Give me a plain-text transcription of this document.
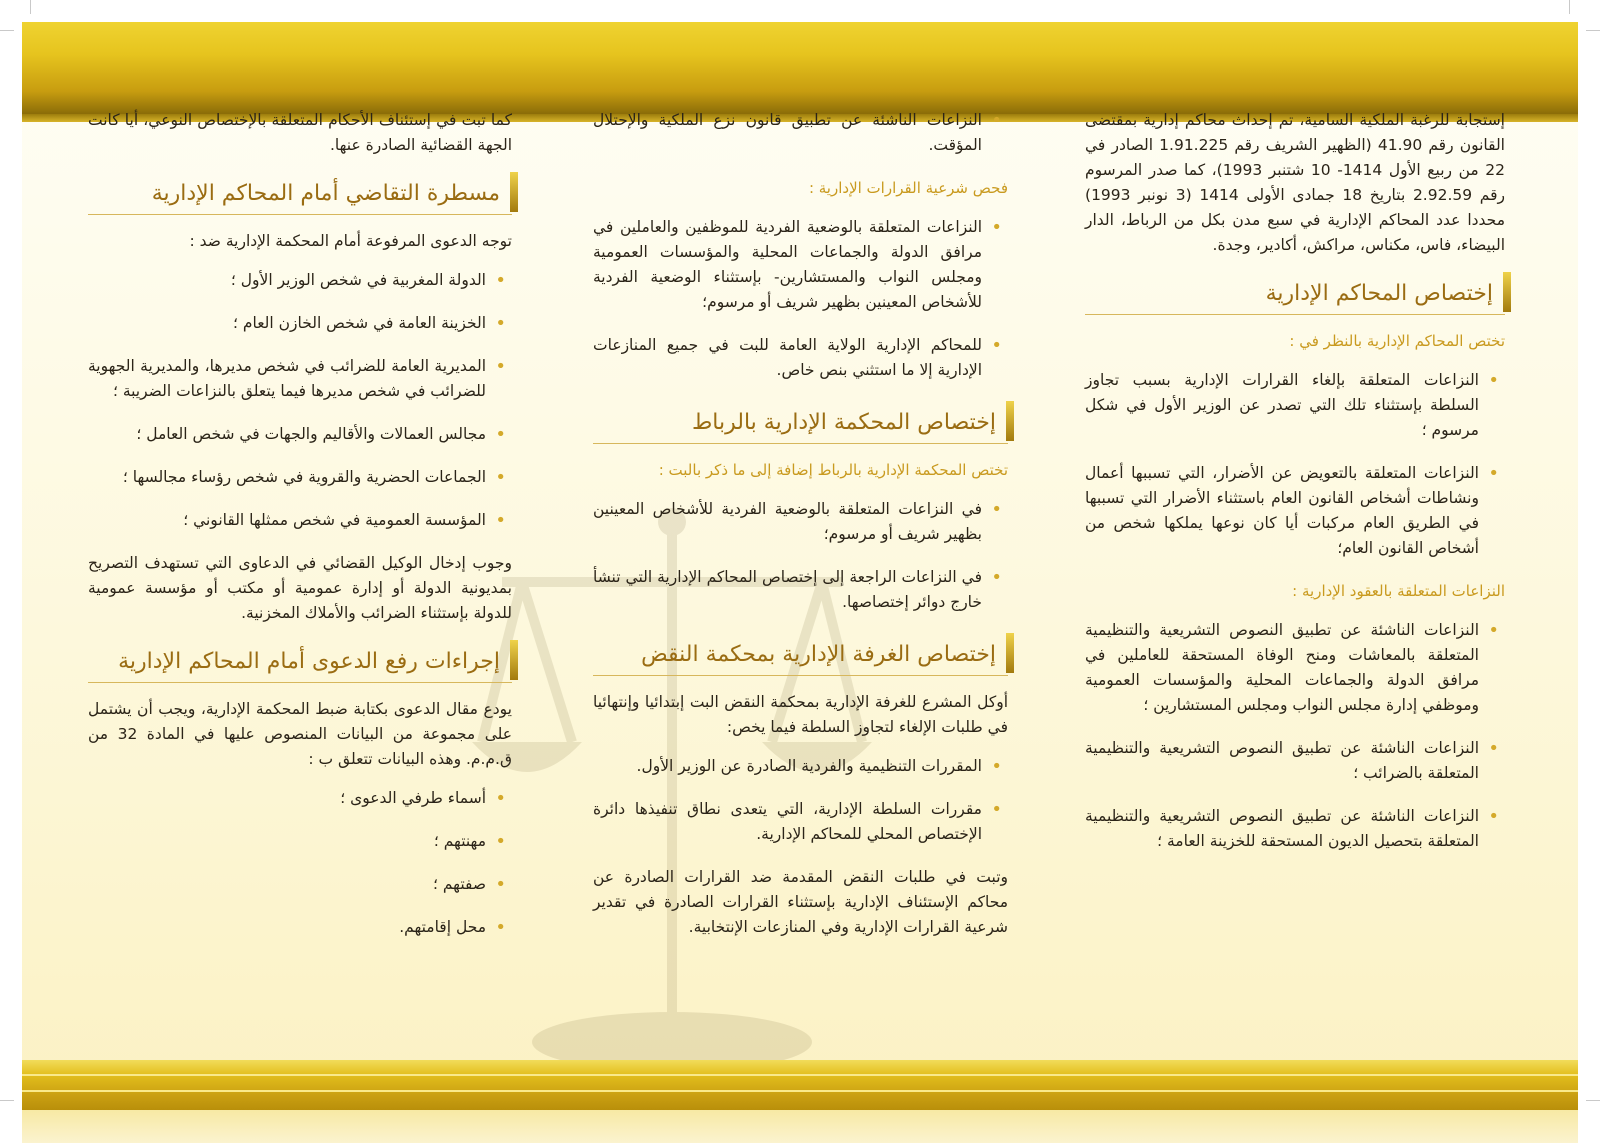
إستجابة للرغبة الملكية السامية، تم إحداث محاكم إدارية بمقتضى القانون رقم 41.90 (الظهير الشريف رقم 1.91.225 الصادر في 22 من ربيع الأول 1414- 10 شتنبر 1993)، كما صدر المرسوم رقم 2.92.59 بتاريخ 18 جمادى الأولى 1414 (3 نونبر 1993) محددا عدد المحاكم الإدارية في سبع مدن بكل من الرباط، الدار البيضاء، فاس، مكناس، مراكش، أكادير، وجدة.

إختصاص المحاكم الإدارية
تختص المحاكم الإدارية بالنظر في :
• النزاعات المتعلقة بإلغاء القرارات الإدارية بسبب تجاوز السلطة بإستثناء تلك التي تصدر عن الوزير الأول في شكل مرسوم ؛
• النزاعات المتعلقة بالتعويض عن الأضرار، التي تسببها أعمال ونشاطات أشخاص القانون العام باستثناء الأضرار التي تسببها في الطريق العام مركبات أيا كان نوعها يملكها شخص من أشخاص القانون العام؛
النزاعات المتعلقة بالعقود الإدارية :
• النزاعات الناشئة عن تطبيق النصوص التشريعية والتنظيمية المتعلقة بالمعاشات ومنح الوفاة المستحقة للعاملين في مرافق الدولة والجماعات المحلية والمؤسسات العمومية وموظفي إدارة مجلس النواب ومجلس المستشارين ؛
• النزاعات الناشئة عن تطبيق النصوص التشريعية والتنظيمية المتعلقة بالضرائب ؛
• النزاعات الناشئة عن تطبيق النصوص التشريعية والتنظيمية المتعلقة بتحصيل الديون المستحقة للخزينة العامة ؛
• النزاعات الناشئة عن تطبيق قانون نزع الملكية والإحتلال المؤقت.
فحص شرعية القرارات الإدارية :
• النزاعات المتعلقة بالوضعية الفردية للموظفين والعاملين في مرافق الدولة والجماعات المحلية والمؤسسات العمومية ومجلس النواب والمستشارين- بإستثناء الوضعية الفردية للأشخاص المعينين بظهير شريف أو مرسوم؛
• للمحاكم الإدارية الولاية العامة للبت في جميع المنازعات الإدارية إلا ما استثني بنص خاص.
إختصاص المحكمة الإدارية بالرباط
تختص المحكمة الإدارية بالرباط إضافة إلى ما ذكر بالبت :
• في النزاعات المتعلقة بالوضعية الفردية للأشخاص المعينين بظهير شريف أو مرسوم؛
• في النزاعات الراجعة إلى إختصاص المحاكم الإدارية التي تنشأ خارج دوائر إختصاصها.
إختصاص الغرفة الإدارية بمحكمة النقض

أوكل المشرع للغرفة الإدارية بمحكمة النقض البت إبتدائيا وإنتهائيا في طلبات الإلغاء لتجاوز السلطة فيما يخص:

• المقررات التنظيمية والفردية الصادرة عن الوزير الأول.
• مقررات السلطة الإدارية، التي يتعدى نطاق تنفيذها دائرة الإختصاص المحلي للمحاكم الإدارية.

وتبت في طلبات النقض المقدمة ضد القرارات الصادرة عن محاكم الإستئناف الإدارية بإستثناء القرارات الصادرة في تقدير شرعية القرارات الإدارية وفي المنازعات الإنتخابية.

كما تبت في إستئناف الأحكام المتعلقة بالإختصاص النوعي، أيا كانت الجهة القضائية الصادرة عنها.

مسطرة التقاضي أمام المحاكم الإدارية

توجه الدعوى المرفوعة أمام المحكمة الإدارية ضد :

• الدولة المغربية في شخص الوزير الأول ؛
• الخزينة العامة في شخص الخازن العام ؛
• المديرية العامة للضرائب في شخص مديرها، والمديرية الجهوية للضرائب في شخص مديرها فيما يتعلق بالنزاعات الضريبة ؛
• مجالس العمالات والأقاليم والجهات في شخص العامل ؛
• الجماعات الحضرية والقروية في شخص رؤساء مجالسها ؛
• المؤسسة العمومية في شخص ممثلها القانوني ؛

وجوب إدخال الوكيل القضائي في الدعاوى التي تستهدف التصريح بمديونية الدولة أو إدارة عمومية أو مكتب أو مؤسسة عمومية للدولة بإستثناء الضرائب والأملاك المخزنية.

إجراءات رفع الدعوى أمام المحاكم الإدارية

يودع مقال الدعوى بكتابة ضبط المحكمة الإدارية، ويجب أن يشتمل على مجموعة من البيانات المنصوص عليها في المادة 32 من ق.م.م. وهذه البيانات تتعلق ب :

• أسماء طرفي الدعوى ؛
• مهنتهم ؛
• صفتهم ؛
• محل إقامتهم.
